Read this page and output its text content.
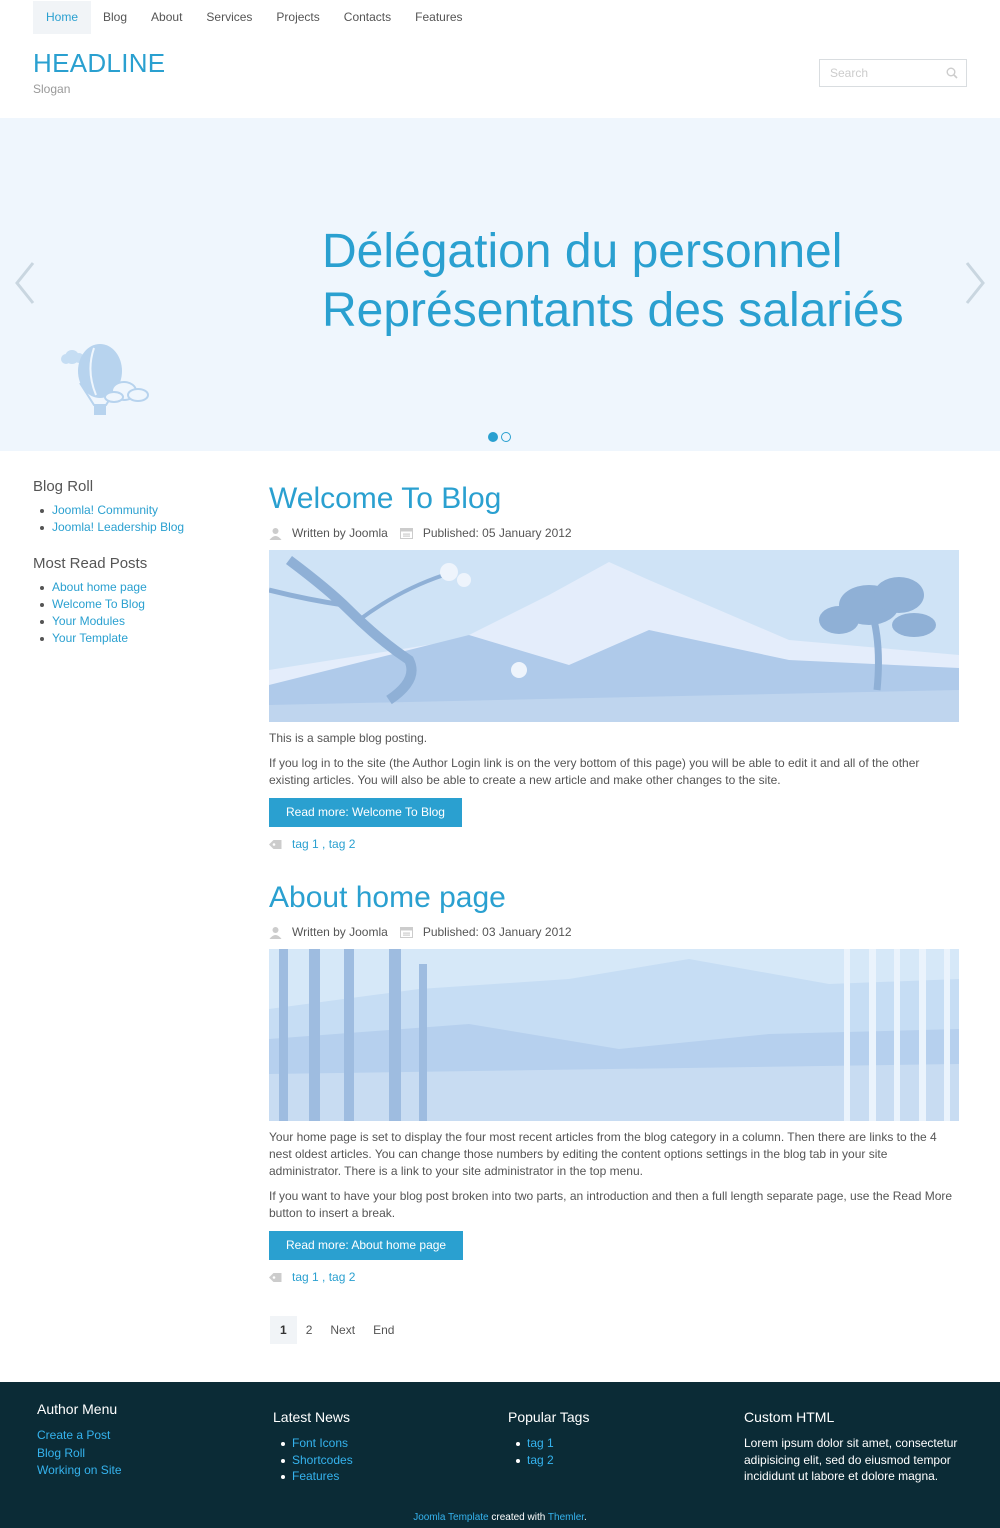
Home	Blog	About	Services	Projects	Contacts	Features
HEADLINE
Slogan
Search
Délégation du personnel
Représentants des salariés
Blog Roll
Joomla! Community
Joomla! Leadership Blog
Most Read Posts
About home page
Welcome To Blog
Your Modules
Your Template
Welcome To Blog
Written by Joomla	Published: 05 January 2012

This is a sample blog posting.

If you log in to the site (the Author Login link is on the very bottom of this page) you will be able to edit it and all of the other existing articles. You will also be able to create a new article and make other changes to the site.

Read more: Welcome To Blog
tag 1 , tag 2
About home page
Written by Joomla	Published: 03 January 2012

Your home page is set to display the four most recent articles from the blog category in a column. Then there are links to the 4 nest oldest articles. You can change those numbers by editing the content options settings in the blog tab in your site administrator. There is a link to your site administrator in the top menu.

If you want to have your blog post broken into two parts, an introduction and then a full length separate page, use the Read More button to insert a break.

Read more: About home page
tag 1 , tag 2
1	2	Next	End
Author Menu
Create a Post
Blog Roll
Working on Site
Latest News
Font Icons
Shortcodes
Features
Popular Tags
tag 1
tag 2
Custom HTML

Lorem ipsum dolor sit amet, consectetur adipisicing elit, sed do eiusmod tempor incididunt ut labore et dolore magna.

Joomla Template created with Themler.
